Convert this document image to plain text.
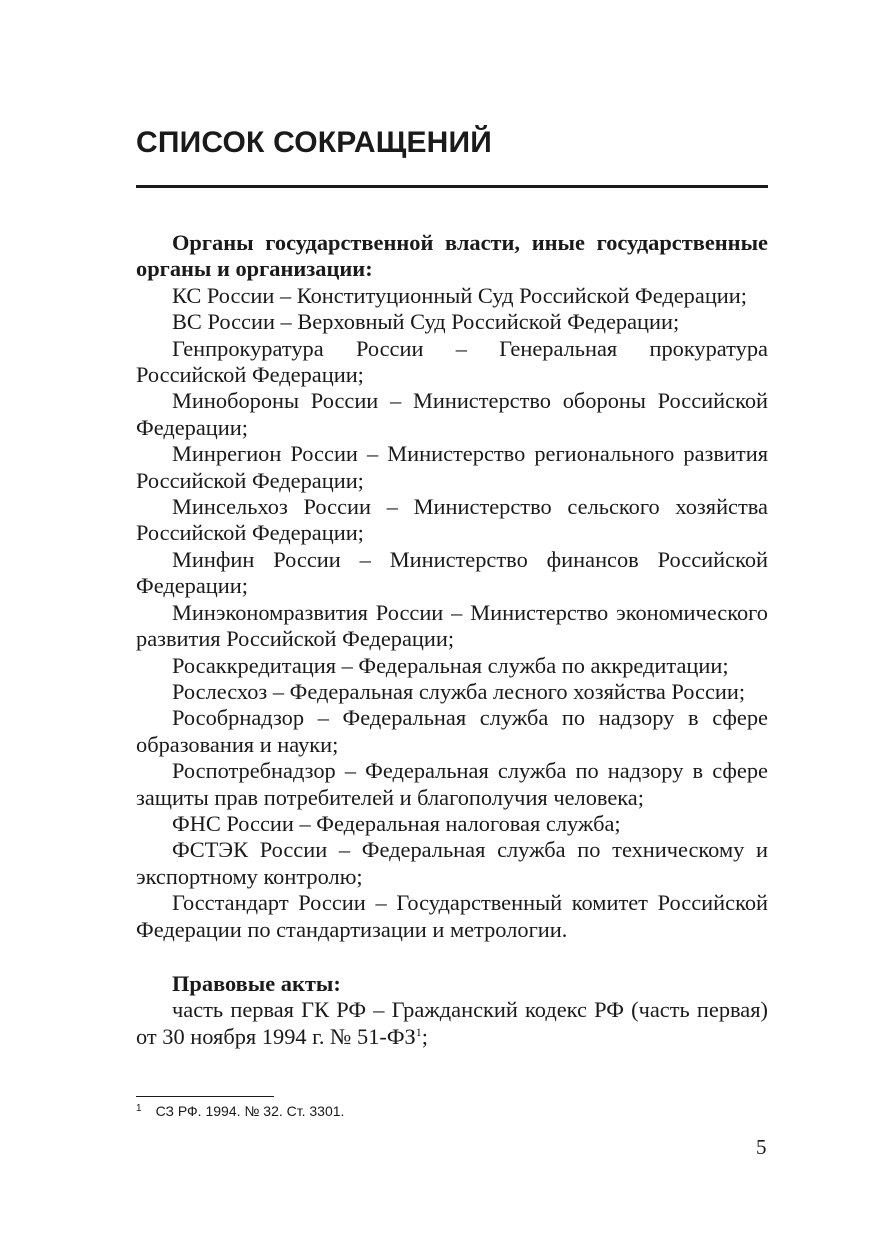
СПИСОК СОКРАЩЕНИЙ

Органы государственной власти, иные государственные органы и организации:

КС России – Конституционный Суд Российской Федерации;

ВС России – Верховный Суд Российской Федерации;

Генпрокуратура России – Генеральная прокуратура Российской Федерации;

Минобороны России – Министерство обороны Российской Федерации;

Минрегион России – Министерство регионального развития Российской Федерации;

Минсельхоз России – Министерство сельского хозяйства Российской Федерации;

Минфин России – Министерство финансов Российской Федерации;

Минэкономразвития России – Министерство экономического развития Российской Федерации;

Росаккредитация – Федеральная служба по аккредитации;

Рослесхоз – Федеральная служба лесного хозяйства России;

Рособрнадзор – Федеральная служба по надзору в сфере образования и науки;

Роспотребнадзор – Федеральная служба по надзору в сфере защиты прав потребителей и благополучия человека;

ФНС России – Федеральная налоговая служба;

ФСТЭК России – Федеральная служба по техническому и экспортному контролю;

Госстандарт России – Государственный комитет Российской Федерации по стандартизации и метрологии.

Правовые акты:

часть первая ГК РФ – Гражданский кодекс РФ (часть первая) от 30 ноября 1994 г. № $51-ФЗ^1$;

$^1$ СЗ РФ. 1994. № 32. Ст. 3301.
5
